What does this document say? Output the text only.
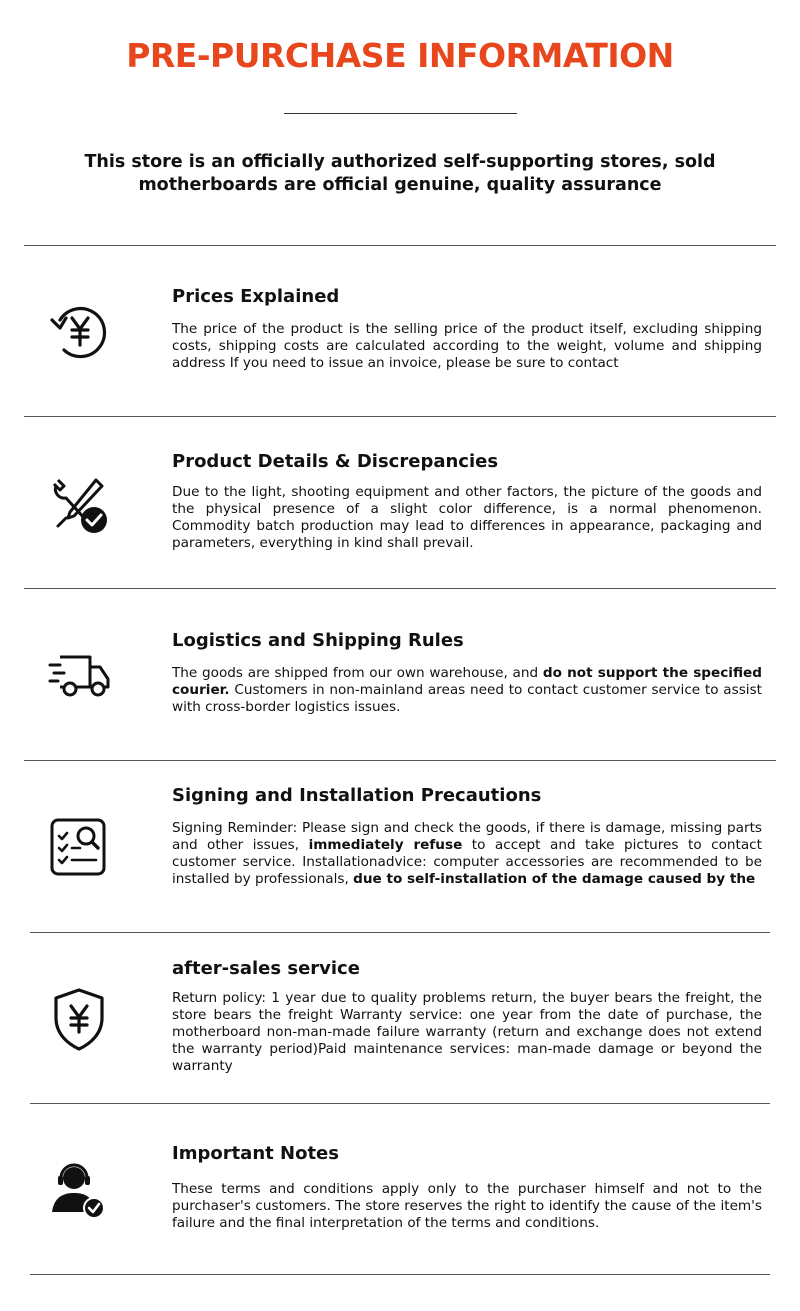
PRE-PURCHASE INFORMATION

This store is an officially authorized self-supporting stores, sold motherboards are official genuine, quality assurance

Prices Explained

The price of the product is the selling price of the product itself, excluding shipping costs, shipping costs are calculated according to the weight, volume and shipping address If you need to issue an invoice, please be sure to contact

Product Details & Discrepancies

Due to the light, shooting equipment and other factors, the picture of the goods and the physical presence of a slight color difference, is a normal phenomenon. Commodity batch production may lead to differences in appearance, packaging and parameters, everything in kind shall prevail.

Logistics and Shipping Rules

The goods are shipped from our own warehouse, and do not support the specified courier. Customers in non-mainland areas need to contact customer service to assist with cross-border logistics issues.

Signing and Installation Precautions

Signing Reminder: Please sign and check the goods, if there is damage, missing parts and other issues, immediately refuse to accept and take pictures to contact customer service. Installationadvice: computer accessories are recommended to be installed by professionals, due to self-installation of the damage caused by the

after-sales service

Return policy: 1 year due to quality problems return, the buyer bears the freight, the store bears the freight Warranty service: one year from the date of purchase, the motherboard non-man-made failure warranty (return and exchange does not extend the warranty period)Paid maintenance services: man-made damage or beyond the warranty

Important Notes

These terms and conditions apply only to the purchaser himself and not to the purchaser's customers. The store reserves the right to identify the cause of the item's failure and the final interpretation of the terms and conditions.
